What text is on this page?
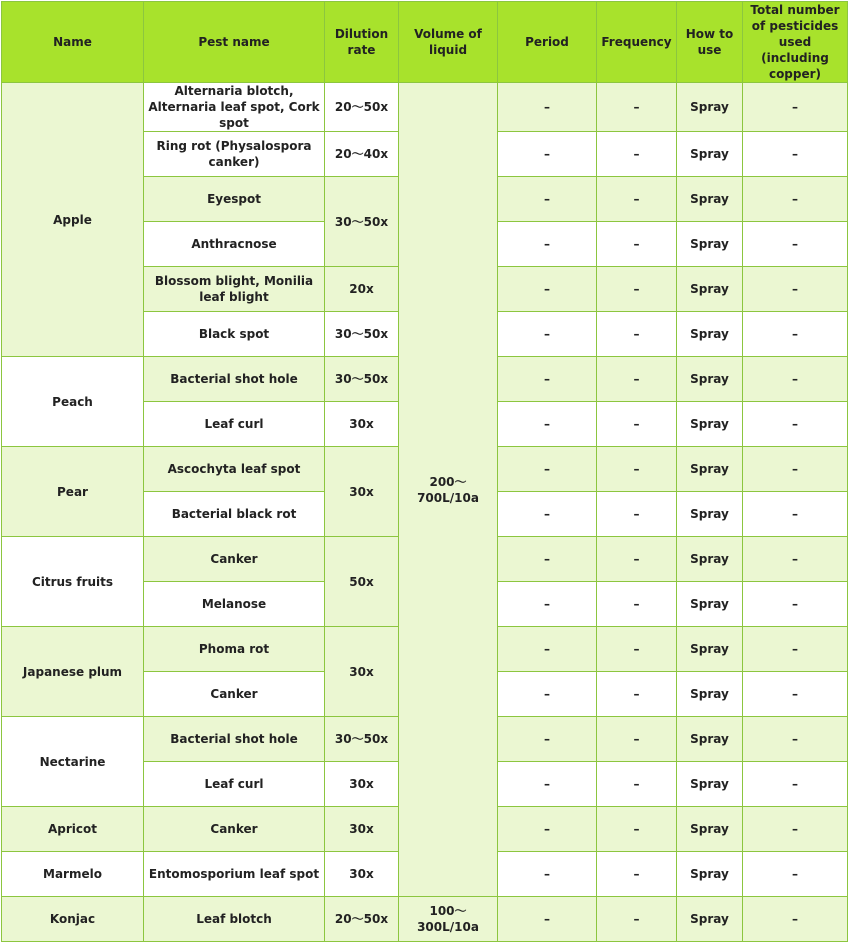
Name	Pest name	Dilution rate	Volume of liquid	Period	Frequency	How to use	Total number of pesticides used (including copper)
Apple	Alternaria blotch, Alternaria leaf spot, Cork spot	20～50x	200～700L/10a	–	–	Spray	–
	Ring rot (Physalospora canker)	20～40x		–	–	Spray	–
	Eyespot	30～50x		–	–	Spray	–
	Anthracnose			–	–	Spray	–
	Blossom blight, Monilia leaf blight	20x		–	–	Spray	–
	Black spot	30～50x		–	–	Spray	–
Peach	Bacterial shot hole	30～50x		–	–	Spray	–
	Leaf curl	30x		–	–	Spray	–
Pear	Ascochyta leaf spot	30x		–	–	Spray	–
	Bacterial black rot			–	–	Spray	–
Citrus fruits	Canker	50x		–	–	Spray	–
	Melanose			–	–	Spray	–
Japanese plum	Phoma rot	30x		–	–	Spray	–
	Canker			–	–	Spray	–
Nectarine	Bacterial shot hole	30～50x		–	–	Spray	–
	Leaf curl	30x		–	–	Spray	–
Apricot	Canker	30x		–	–	Spray	–
Marmelo	Entomosporium leaf spot	30x		–	–	Spray	–
Konjac	Leaf blotch	20～50x	100～300L/10a	–	–	Spray	–
